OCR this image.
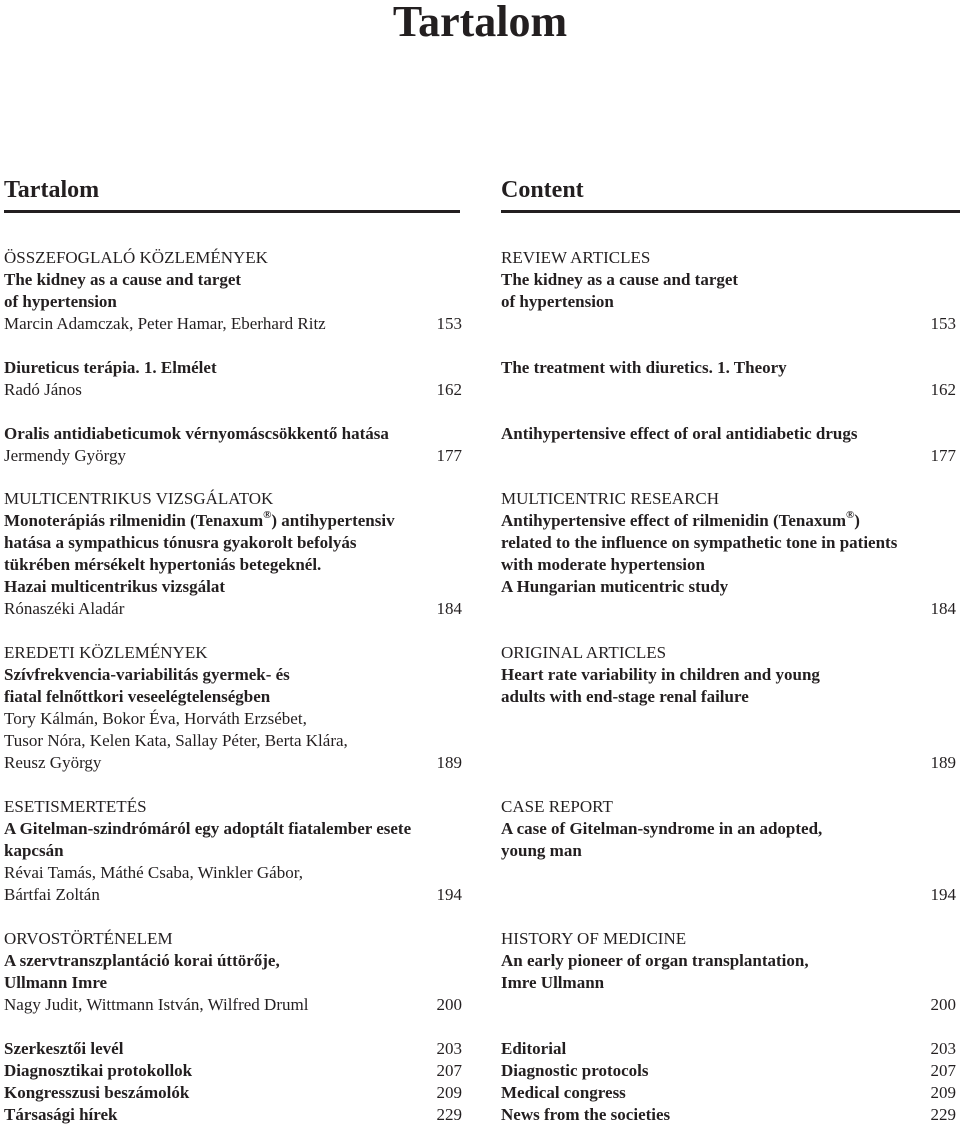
Tartalom
Tartalom
ÖSSZEFOGLALÓ KÖZLEMÉNYEK
The kidney as a cause and target
of hypertension
Marcin Adamczak, Peter Hamar, Eberhard Ritz	153
Diureticus terápia. 1. Elmélet
Radó János	162
Oralis antidiabeticumok vérnyomáscsökkentő hatása
Jermendy György	177
MULTICENTRIKUS VIZSGÁLATOK
Monoterápiás rilmenidin (Tenaxum®) antihypertensiv
hatása a sympathicus tónusra gyakorolt befolyás
tükrében mérsékelt hypertoniás betegeknél.
Hazai multicentrikus vizsgálat
Rónaszéki Aladár	184
EREDETI KÖZLEMÉNYEK
Szívfrekvencia-variabilitás gyermek- és
fiatal felnőttkori veseelégtelenségben
Tory Kálmán, Bokor Éva, Horváth Erzsébet,
Tusor Nóra, Kelen Kata, Sallay Péter, Berta Klára,
Reusz György	189
ESETISMERTETÉS
A Gitelman-szindrómáról egy adoptált fiatalember esete
kapcsán
Révai Tamás, Máthé Csaba, Winkler Gábor,
Bártfai Zoltán	194
ORVOSTÖRTÉNELEM
A szervtranszplantáció korai úttörője,
Ullmann Imre
Nagy Judit, Wittmann István, Wilfred Druml	200
Szerkesztői levél	203
Diagnosztikai protokollok	207
Kongresszusi beszámolók	209
Társasági hírek	229
Content
REVIEW ARTICLES
The kidney as a cause and target
of hypertension
153
The treatment with diuretics. 1. Theory
162
Antihypertensive effect of oral antidiabetic drugs
177
MULTICENTRIC RESEARCH
Antihypertensive effect of rilmenidin (Tenaxum®)
related to the influence on sympathetic tone in patients
with moderate hypertension
A Hungarian muticentric study
184
ORIGINAL ARTICLES
Heart rate variability in children and young
adults with end-stage renal failure
189
CASE REPORT
A case of Gitelman-syndrome in an adopted,
young man
194
HISTORY OF MEDICINE
An early pioneer of organ transplantation,
Imre Ullmann
200
Editorial	203
Diagnostic protocols	207
Medical congress	209
News from the societies	229
